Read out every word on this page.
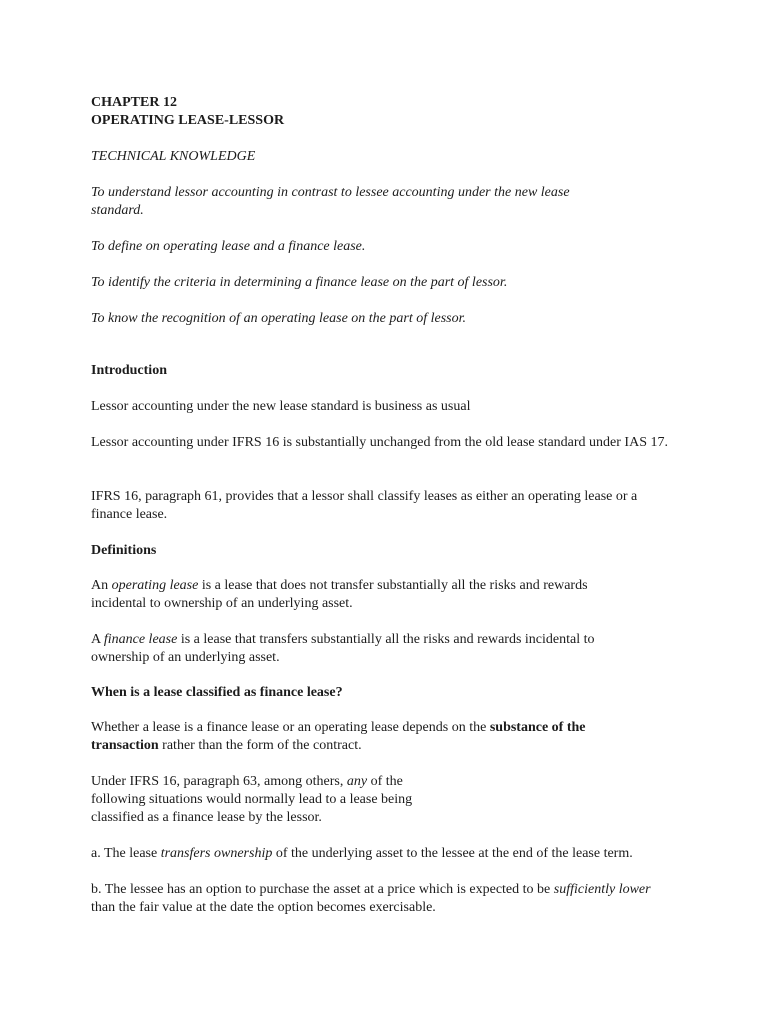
CHAPTER 12
OPERATING LEASE-LESSOR

TECHNICAL KNOWLEDGE

To understand lessor accounting in contrast to lessee accounting under the new lease standard.

To define on operating lease and a finance lease.

To identify the criteria in determining a finance lease on the part of lessor.

To know the recognition of an operating lease on the part of lessor.

Introduction

Lessor accounting under the new lease standard is business as usual

Lessor accounting under IFRS 16 is substantially unchanged from the old lease standard under IAS 17.

IFRS 16, paragraph 61, provides that a lessor shall classify leases as either an operating lease or a finance lease.

Definitions

An operating lease is a lease that does not transfer substantially all the risks and rewards incidental to ownership of an underlying asset.

A finance lease is a lease that transfers substantially all the risks and rewards incidental to ownership of an underlying asset.

When is a lease classified as finance lease?

Whether a lease is a finance lease or an operating lease depends on the substance of the transaction rather than the form of the contract.

Under IFRS 16, paragraph 63, among others, any of the
following situations would normally lead to a lease being
classified as a finance lease by the lessor.

a. The lease transfers ownership of the underlying asset to the lessee at the end of the lease term.

b. The lessee has an option to purchase the asset at a price which is expected to be sufficiently lower than the fair value at the date the option becomes exercisable.
